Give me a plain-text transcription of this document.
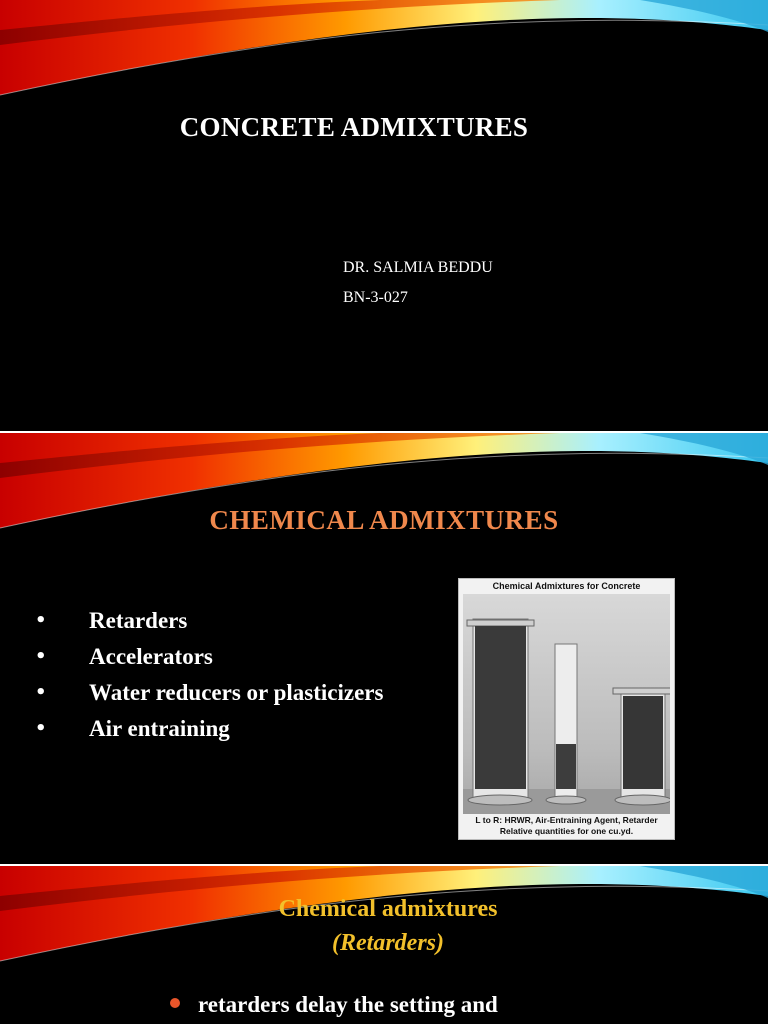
CONCRETE ADMIXTURES
DR. SALMIA BEDDU
BN-3-027
CHEMICAL ADMIXTURES
• Retarders
• Accelerators
• Water reducers or plasticizers
• Air entraining
Chemical Admixtures for Concrete
L to R: HRWR, Air-Entraining Agent, Retarder
Relative quantities for one cu.yd.
Chemical admixtures
(Retarders)
retarders delay the setting and
